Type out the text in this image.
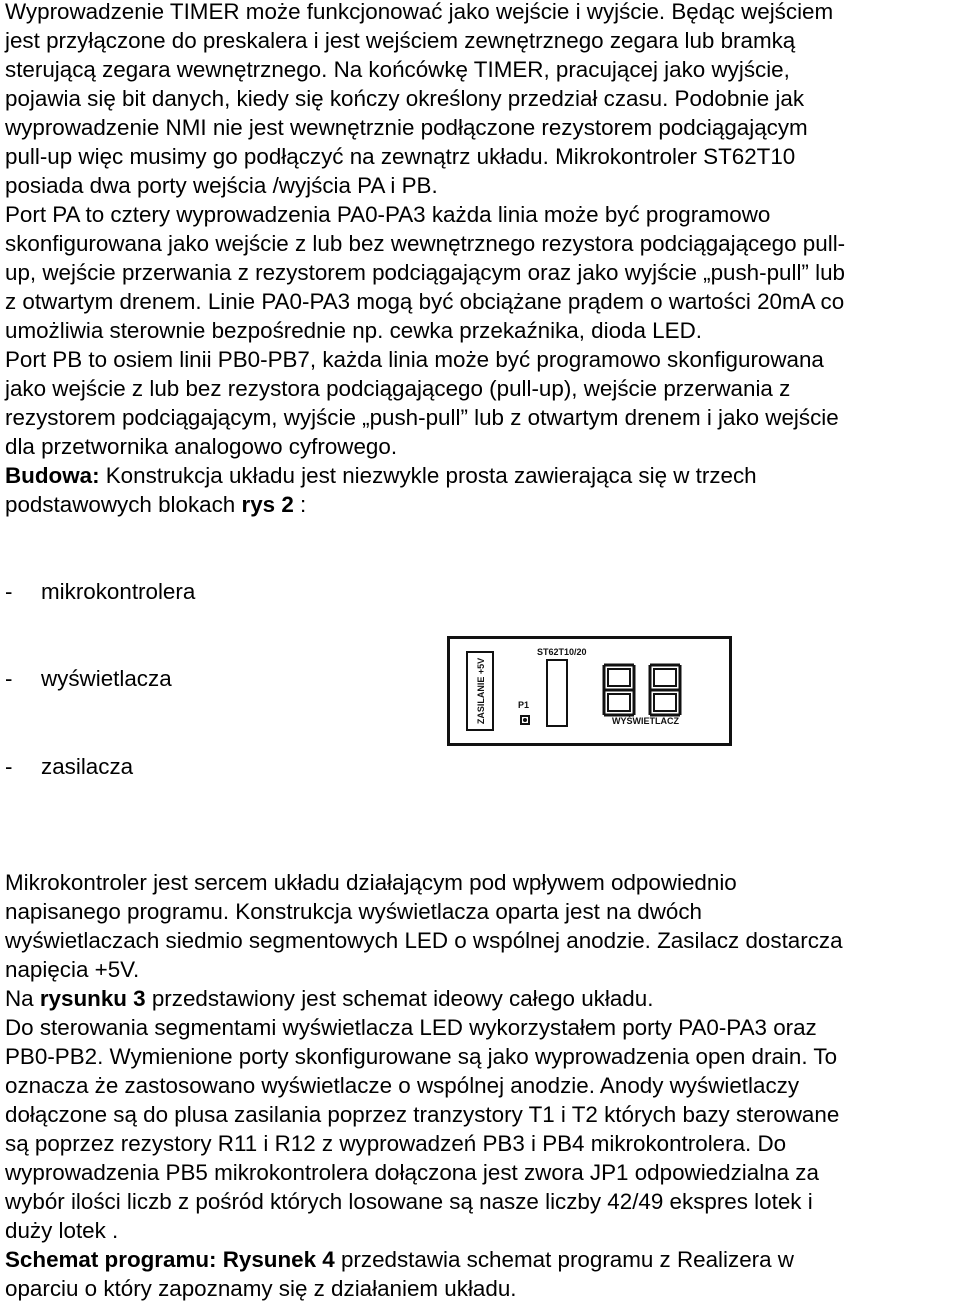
Wyprowadzenie TIMER może funkcjonować jako wejście i wyjście. Będąc wejściem
jest przyłączone do preskalera i jest wejściem zewnętrznego zegara lub bramką
sterującą zegara wewnętrznego. Na końcówkę TIMER, pracującej jako wyjście,
pojawia się bit danych, kiedy się kończy określony przedział czasu. Podobnie jak
wyprowadzenie NMI nie jest wewnętrznie podłączone rezystorem podciągającym
pull-up więc musimy go podłączyć na zewnątrz układu. Mikrokontroler ST62T10
posiada dwa porty wejścia /wyjścia PA i PB.
Port PA to cztery wyprowadzenia PA0-PA3 każda linia może być programowo
skonfigurowana jako wejście z lub bez wewnętrznego rezystora podciągającego pull-
up, wejście przerwania z rezystorem podciągającym oraz jako wyjście „push-pull” lub
z otwartym drenem. Linie PA0-PA3 mogą być obciążane prądem o wartości 20mA co
umożliwia sterownie bezpośrednie np. cewka przekaźnika, dioda LED.
Port PB to osiem linii PB0-PB7, każda linia może być programowo skonfigurowana
jako wejście z lub bez rezystora podciągającego (pull-up), wejście przerwania z
rezystorem podciągającym, wyjście „push-pull” lub z otwartym drenem i jako wejście
dla przetwornika analogowo cyfrowego.
Budowa: Konstrukcja układu jest niezwykle prosta zawierająca się w trzech
podstawowych blokach rys 2 :
- mikrokontrolera
- wyświetlacza
- zasilacza
Mikrokontroler jest sercem układu działającym pod wpływem odpowiednio
napisanego programu. Konstrukcja wyświetlacza oparta jest na dwóch
wyświetlaczach siedmio segmentowych LED o wspólnej anodzie. Zasilacz dostarcza
napięcia +5V.
Na rysunku 3 przedstawiony jest schemat ideowy całego układu.
Do sterowania segmentami wyświetlacza LED wykorzystałem porty PA0-PA3 oraz
PB0-PB2. Wymienione porty skonfigurowane są jako wyprowadzenia open drain. To
oznacza że zastosowano wyświetlacze o wspólnej anodzie. Anody wyświetlaczy
dołączone są do plusa zasilania poprzez tranzystory T1 i T2 których bazy sterowane
są poprzez rezystory R11 i R12 z wyprowadzeń PB3 i PB4 mikrokontrolera. Do
wyprowadzenia PB5 mikrokontrolera dołączona jest zwora JP1 odpowiedzialna za
wybór ilości liczb z pośród których losowane są nasze liczby 42/49 ekspres lotek i
duży lotek .
Schemat programu: Rysunek 4 przedstawia schemat programu z Realizera w
oparciu o który zapoznamy się z działaniem układu.
ZASILANIE +5V	P1
ST62T10/20
WYŚWIETLACZ
